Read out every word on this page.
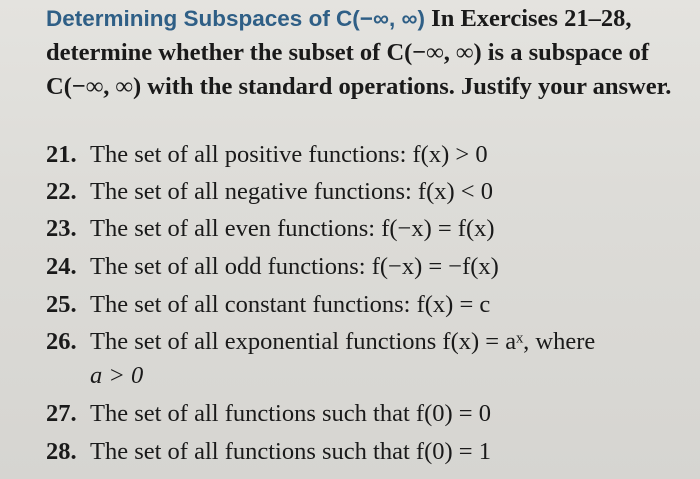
Determining Subspaces of C(−∞, ∞) In Exercises 21–28, determine whether the subset of C(−∞, ∞) is a subspace of C(−∞, ∞) with the standard operations. Justify your answer.
21. The set of all positive functions: f(x) > 0
22. The set of all negative functions: f(x) < 0
23. The set of all even functions: f(−x) = f(x)
24. The set of all odd functions: f(−x) = −f(x)
25. The set of all constant functions: f(x) = c
26. The set of all exponential functions f(x) = aˣ, where
a > 0
27. The set of all functions such that f(0) = 0
28. The set of all functions such that f(0) = 1
